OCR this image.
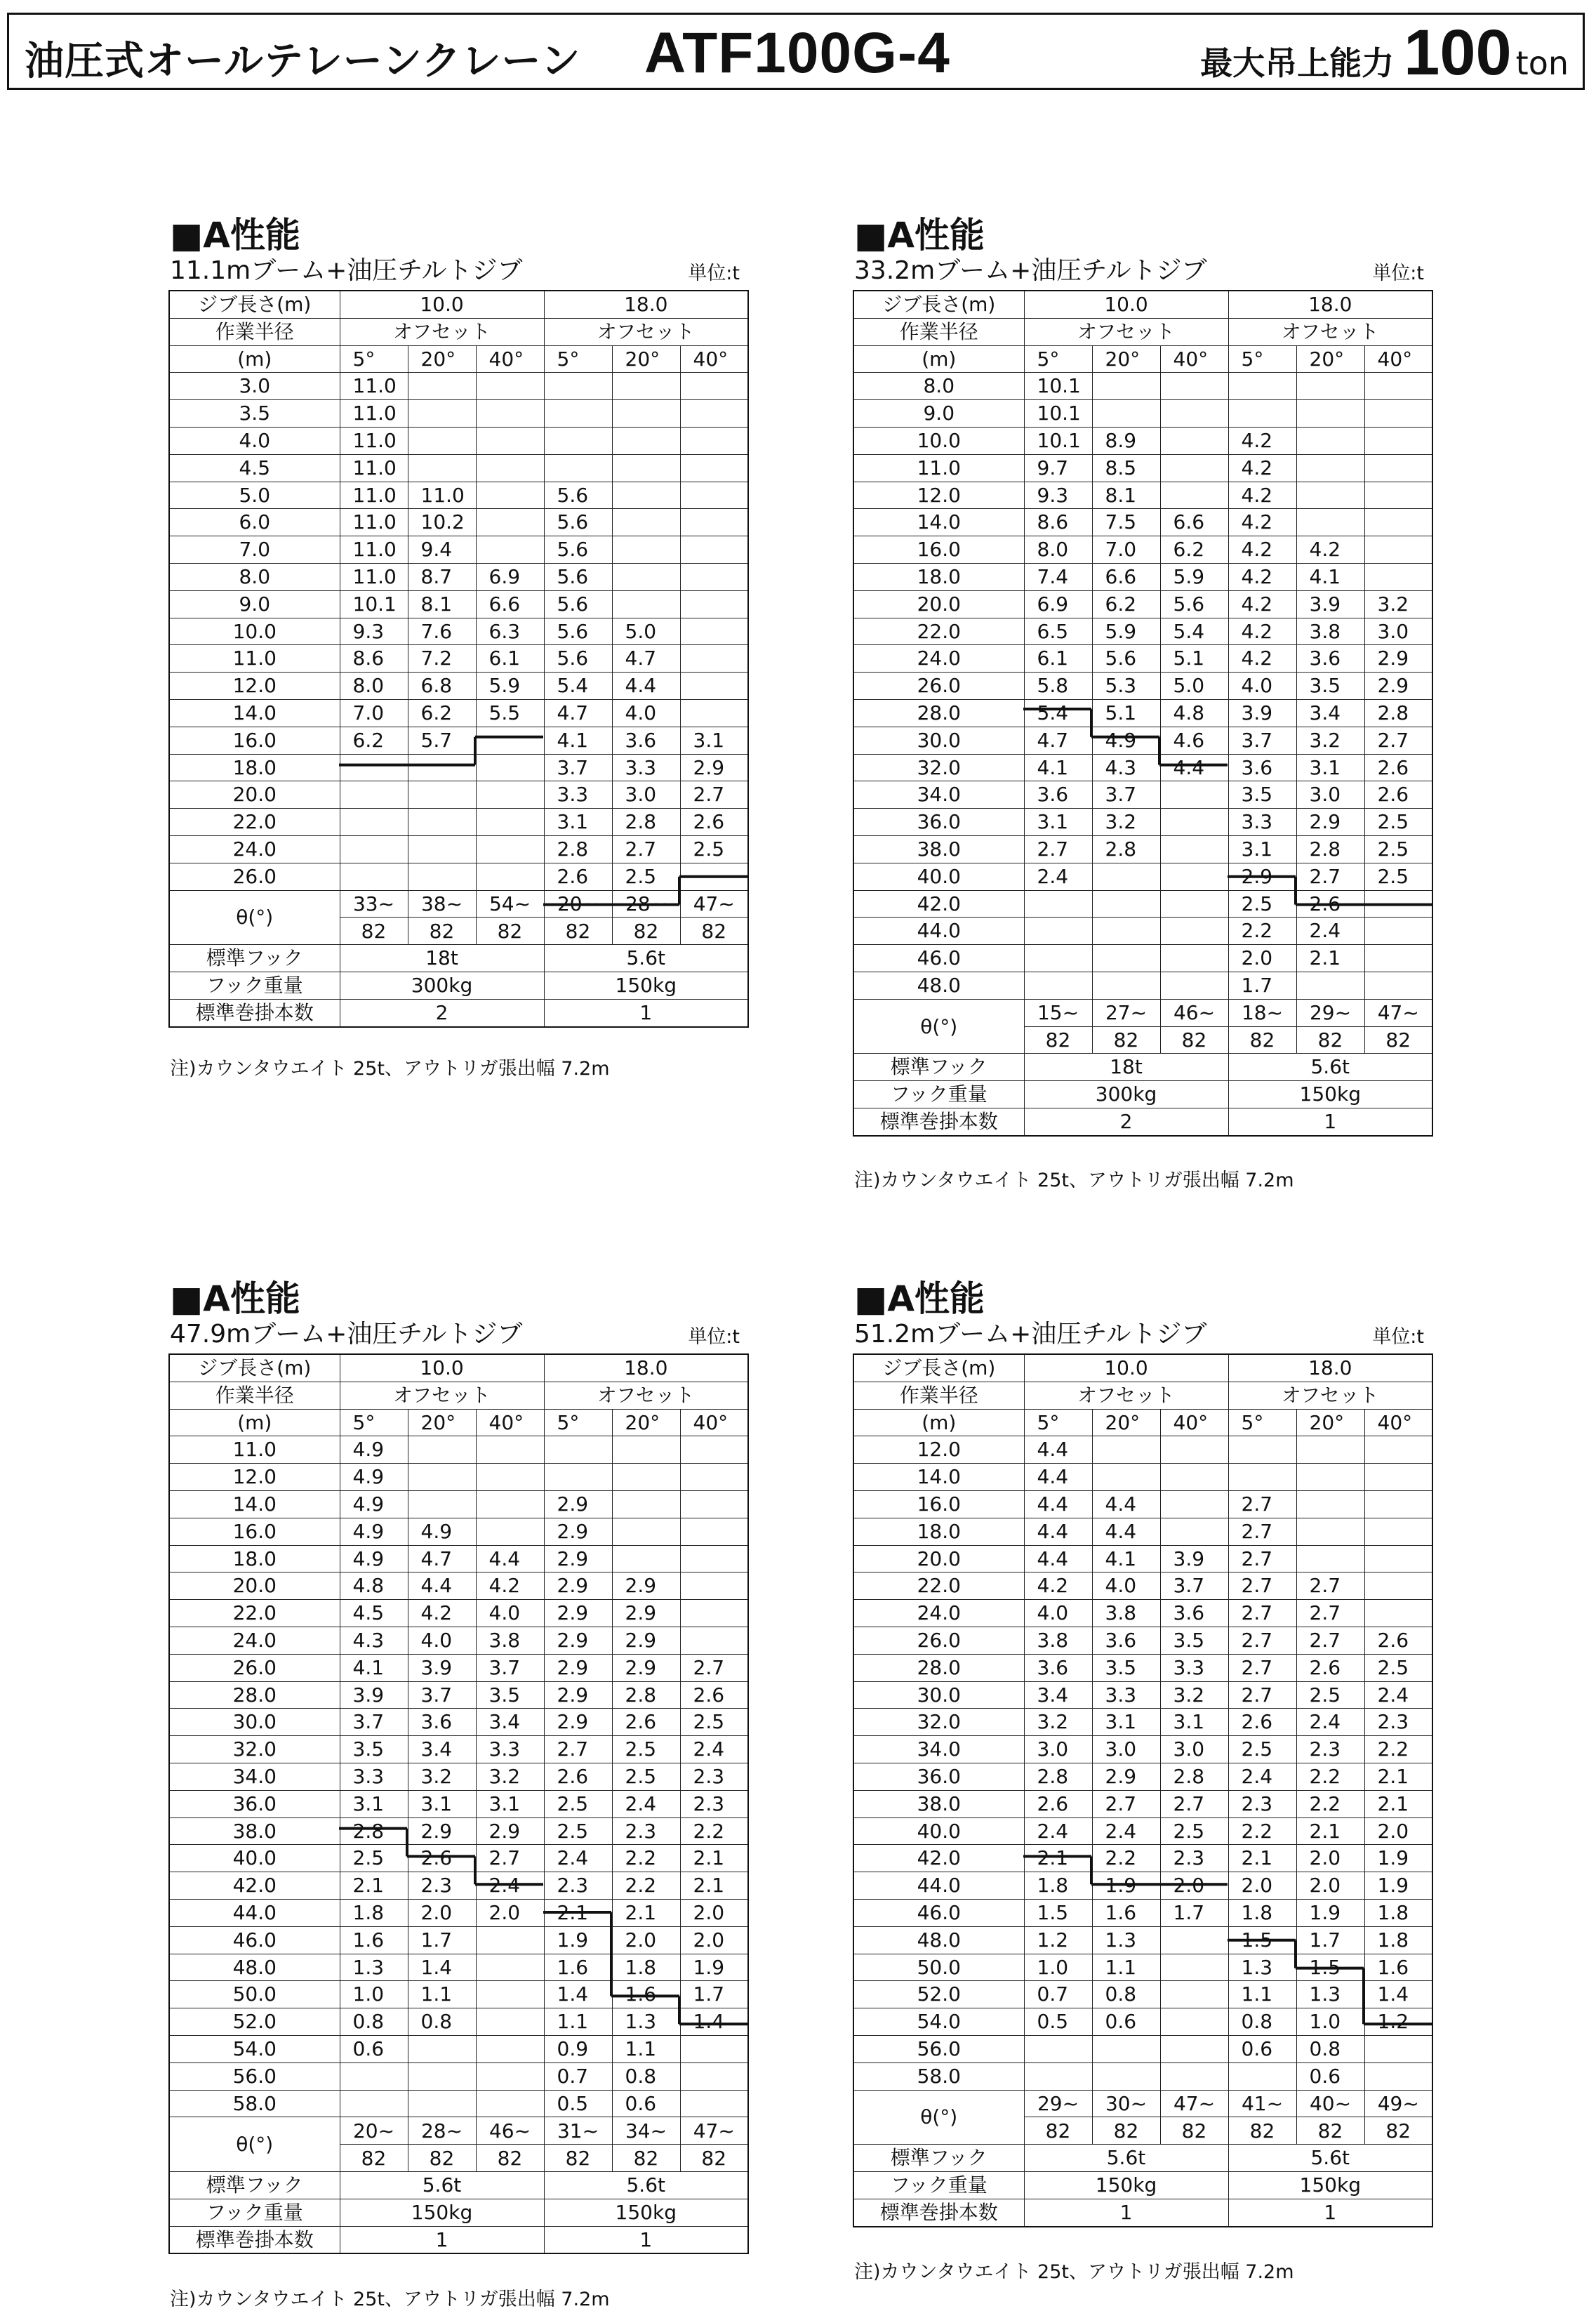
油圧式オールテレーンクレーン ATF100G-4	最大吊上能力 100 ton
■A性能
11.1mブーム+油圧チルトジブ	単位:t
ジブ長さ(m)	10.0			18.0		
作業半径	オフセット			オフセット		
(m)	5°	20°	40°	5°	20°	40°
3.0	11.0					
3.5	11.0					
4.0	11.0					
4.5	11.0					
5.0	11.0	11.0		5.6		
6.0	11.0	10.2		5.6		
7.0	11.0	9.4		5.6		
8.0	11.0	8.7	6.9	5.6		
9.0	10.1	8.1	6.6	5.6		
10.0	9.3	7.6	6.3	5.6	5.0	
11.0	8.6	7.2	6.1	5.6	4.7	
12.0	8.0	6.8	5.9	5.4	4.4	
14.0	7.0	6.2	5.5	4.7	4.0	
16.0	6.2	5.7		4.1	3.6	3.1
18.0				3.7	3.3	2.9
20.0				3.3	3.0	2.7
22.0				3.1	2.8	2.6
24.0				2.8	2.7	2.5
26.0				2.6	2.5	
θ(°)	33~	38~	54~	20~	28~	47~
	82	82	82	82	82	82
標準フック	18t			5.6t		
フック重量	300kg			150kg		
標準巻掛本数	2			1		
注)カウンタウエイト 25t、アウトリガ張出幅 7.2m
■A性能
33.2mブーム+油圧チルトジブ	単位:t
ジブ長さ(m)	10.0			18.0		
作業半径	オフセット			オフセット		
(m)	5°	20°	40°	5°	20°	40°
8.0	10.1					
9.0	10.1					
10.0	10.1	8.9		4.2		
11.0	9.7	8.5		4.2		
12.0	9.3	8.1		4.2		
14.0	8.6	7.5	6.6	4.2		
16.0	8.0	7.0	6.2	4.2	4.2	
18.0	7.4	6.6	5.9	4.2	4.1	
20.0	6.9	6.2	5.6	4.2	3.9	3.2
22.0	6.5	5.9	5.4	4.2	3.8	3.0
24.0	6.1	5.6	5.1	4.2	3.6	2.9
26.0	5.8	5.3	5.0	4.0	3.5	2.9
28.0	5.4	5.1	4.8	3.9	3.4	2.8
30.0	4.7	4.9	4.6	3.7	3.2	2.7
32.0	4.1	4.3	4.4	3.6	3.1	2.6
34.0	3.6	3.7		3.5	3.0	2.6
36.0	3.1	3.2		3.3	2.9	2.5
38.0	2.7	2.8		3.1	2.8	2.5
40.0	2.4			2.9	2.7	2.5
42.0				2.5	2.6	
44.0				2.2	2.4	
46.0				2.0	2.1	
48.0				1.7		
θ(°)	15~	27~	46~	18~	29~	47~
	82	82	82	82	82	82
標準フック	18t			5.6t		
フック重量	300kg			150kg		
標準巻掛本数	2			1		
注)カウンタウエイト 25t、アウトリガ張出幅 7.2m
■A性能
47.9mブーム+油圧チルトジブ	単位:t
ジブ長さ(m)	10.0			18.0		
作業半径	オフセット			オフセット		
(m)	5°	20°	40°	5°	20°	40°
11.0	4.9					
12.0	4.9					
14.0	4.9			2.9		
16.0	4.9	4.9		2.9		
18.0	4.9	4.7	4.4	2.9		
20.0	4.8	4.4	4.2	2.9	2.9	
22.0	4.5	4.2	4.0	2.9	2.9	
24.0	4.3	4.0	3.8	2.9	2.9	
26.0	4.1	3.9	3.7	2.9	2.9	2.7
28.0	3.9	3.7	3.5	2.9	2.8	2.6
30.0	3.7	3.6	3.4	2.9	2.6	2.5
32.0	3.5	3.4	3.3	2.7	2.5	2.4
34.0	3.3	3.2	3.2	2.6	2.5	2.3
36.0	3.1	3.1	3.1	2.5	2.4	2.3
38.0	2.8	2.9	2.9	2.5	2.3	2.2
40.0	2.5	2.6	2.7	2.4	2.2	2.1
42.0	2.1	2.3	2.4	2.3	2.2	2.1
44.0	1.8	2.0	2.0	2.1	2.1	2.0
46.0	1.6	1.7		1.9	2.0	2.0
48.0	1.3	1.4		1.6	1.8	1.9
50.0	1.0	1.1		1.4	1.6	1.7
52.0	0.8	0.8		1.1	1.3	1.4
54.0	0.6			0.9	1.1	
56.0				0.7	0.8	
58.0				0.5	0.6	
θ(°)	20~	28~	46~	31~	34~	47~
	82	82	82	82	82	82
標準フック	5.6t			5.6t		
フック重量	150kg			150kg		
標準巻掛本数	1			1		
注)カウンタウエイト 25t、アウトリガ張出幅 7.2m
■A性能
51.2mブーム+油圧チルトジブ	単位:t
ジブ長さ(m)	10.0			18.0		
作業半径	オフセット			オフセット		
(m)	5°	20°	40°	5°	20°	40°
12.0	4.4					
14.0	4.4					
16.0	4.4	4.4		2.7		
18.0	4.4	4.4		2.7		
20.0	4.4	4.1	3.9	2.7		
22.0	4.2	4.0	3.7	2.7	2.7	
24.0	4.0	3.8	3.6	2.7	2.7	
26.0	3.8	3.6	3.5	2.7	2.7	2.6
28.0	3.6	3.5	3.3	2.7	2.6	2.5
30.0	3.4	3.3	3.2	2.7	2.5	2.4
32.0	3.2	3.1	3.1	2.6	2.4	2.3
34.0	3.0	3.0	3.0	2.5	2.3	2.2
36.0	2.8	2.9	2.8	2.4	2.2	2.1
38.0	2.6	2.7	2.7	2.3	2.2	2.1
40.0	2.4	2.4	2.5	2.2	2.1	2.0
42.0	2.1	2.2	2.3	2.1	2.0	1.9
44.0	1.8	1.9	2.0	2.0	2.0	1.9
46.0	1.5	1.6	1.7	1.8	1.9	1.8
48.0	1.2	1.3		1.5	1.7	1.8
50.0	1.0	1.1		1.3	1.5	1.6
52.0	0.7	0.8		1.1	1.3	1.4
54.0	0.5	0.6		0.8	1.0	1.2
56.0				0.6	0.8	
58.0					0.6	
θ(°)	29~	30~	47~	41~	40~	49~
	82	82	82	82	82	82
標準フック	5.6t			5.6t		
フック重量	150kg			150kg		
標準巻掛本数	1			1		
注)カウンタウエイト 25t、アウトリガ張出幅 7.2m
